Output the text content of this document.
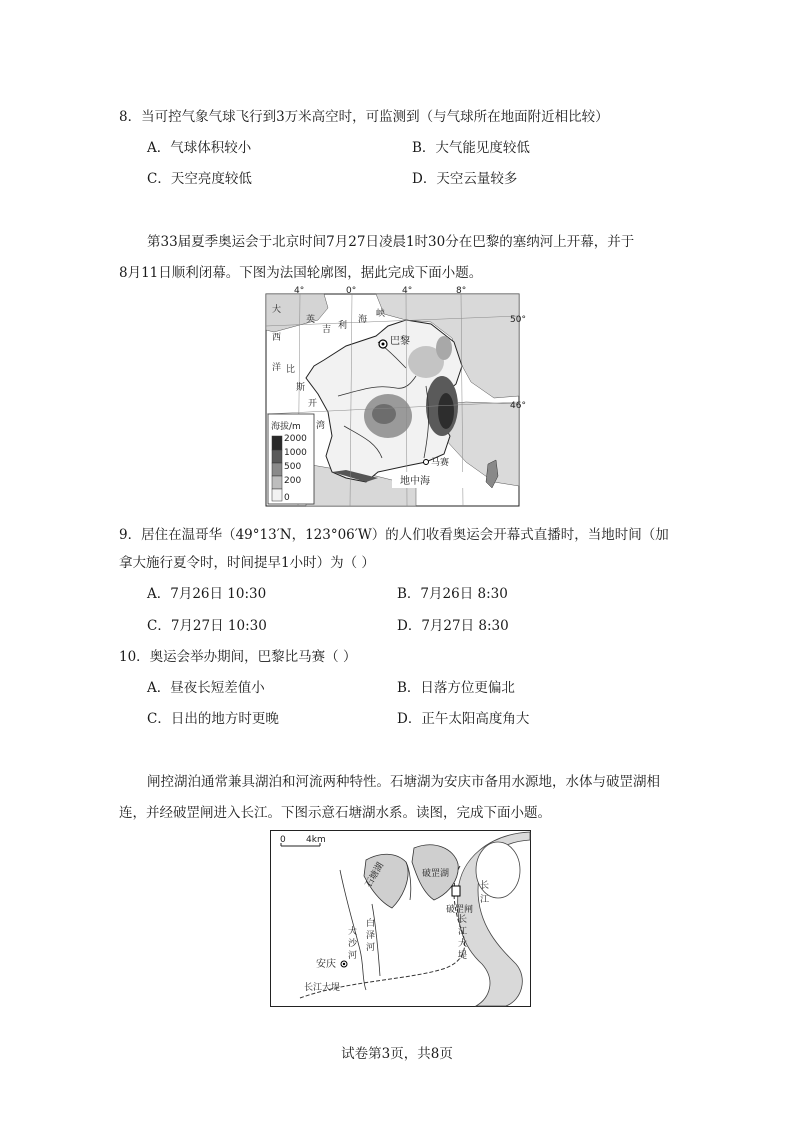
8．当可控气象气球飞行到3万米高空时，可监测到（与气球所在地面附近相比较）
A．气球体积较小	B．大气能见度较低
C．天空亮度较低	D．天空云量较多
第33届夏季奥运会于北京时间7月27日凌晨1时30分在巴黎的塞纳河上开幕，并于
8月11日顺利闭幕。下图为法国轮廓图，据此完成下面小题。
4°	0°	4°	8°
50°
46°
英
吉 利
海
峡
大
西
洋 比
斯
开
湾
巴黎
马赛
地中海
海拔/m
2000
1000
500
200
0
9．居住在温哥华（49°13′N，123°06′W）的人们收看奥运会开幕式直播时，当地时间（加
拿大施行夏令时，时间提早1小时）为（ ）
A．7月26日 10:30	B．7月26日 8:30
C．7月27日 10:30	D．7月27日 8:30
10．奥运会举办期间，巴黎比马赛（ ）
A．昼夜长短差值小	B．日落方位更偏北
C．日出的地方时更晚	D．正午太阳高度角大
闸控湖泊通常兼具湖泊和河流两种特性。石塘湖为安庆市备用水源地，水体与破罡湖相
连，并经破罡闸进入长江。下图示意石塘湖水系。读图，完成下面小题。
0 4km
石塘湖	破罡湖
破罡闸
大
沙
河
白
泽
河
安庆
长
江
长江大堤
长
江
大
堤
试卷第3页，共8页
